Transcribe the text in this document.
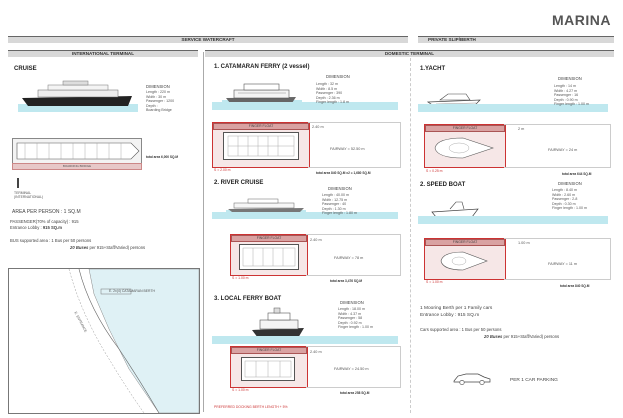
MARINA
SERVICE WATERCRAFT	PRIVATE SLIP/BERTH
INTERNATIONAL TERMINAL	DOMESTIC TERMINAL
CRUISE
DIMENSION
Length : 220 m
Width : 30 m
Passenger : 1200
Depth :
Boarding Bridge
BOARDING BRIDGE
total area 6,000 SQ.M
TERMINAL
(INTERNATIONAL)
AREA PER PERSON : 1 SQ.M
PASSENGER(70% of capacity) : 915
Entrance Lobby : 915 SQ.m
BUS supported area : 1 Bus per 50 persons
20 Buses per 915+Staff/Varied) persons
E. 2x(4) CATAMARAN BERTH
E. ENTRANCE
1. CATAMARAN FERRY (2 vessel)
DIMENSION
Length : 32 m
Width : 8.5 m
Passenger : 390
Depth : 2.36 m
Finger length : 1.8 m
FINGER FLOAT	2.40 m
FAIRWAY = 52.50 m
S = 2.00 m
total area 840 SQ.M x2 = 1,680 SQ.M
2. RIVER CRUISE
DIMENSION
Length : 40.00 m
Width : 12.75 m
Passenger : 40
Depth : 1.30 m
Finger length : 1.80 m
FINGER FLOAT	2.40 m
FAIRWAY = 78 m
S = 1.00 m
total area 3,476 SQ.M
3. LOCAL FERRY BOAT
DIMENSION
Length : 18.00 m
Width : 4.37 m
Passenger : 58
Depth : 0.92 m
Finger length : 1.00 m
FINGER FLOAT	2.40 m
FAIRWAY = 24.50 m
S = 1.00 m
total area 258 SQ.M
PREFERRED DOCKING BERTH LENGTH + 5%
1.YACHT
DIMENSION
Length : 14 m
Width : 4.27 m
Passenger : 16
Depth : 0.90 m
Finger length : 1.00 m
FINGER FLOAT	2 m
FAIRWAY = 24 m
S = 0.25 m
total area 644 SQ.M
2. SPEED BOAT	DIMENSION
Length : 8.40 m
Width : 2.60 m
Passenger : 2-8
Depth : 0.30 m
Finger length : 1.00 m
FINGER FLOAT	1.00 m
FAIRWAY = 11 m
S = 1.00 m
total area 840 SQ.M
1 Mooring Berth per 1 Family cars
Entrance Lobby : 915 SQ.m
Cars supported area : 1 Bus per 50 persons
20 Buses per 915+Staff/Varied) persons
PER 1 CAR PARKING
